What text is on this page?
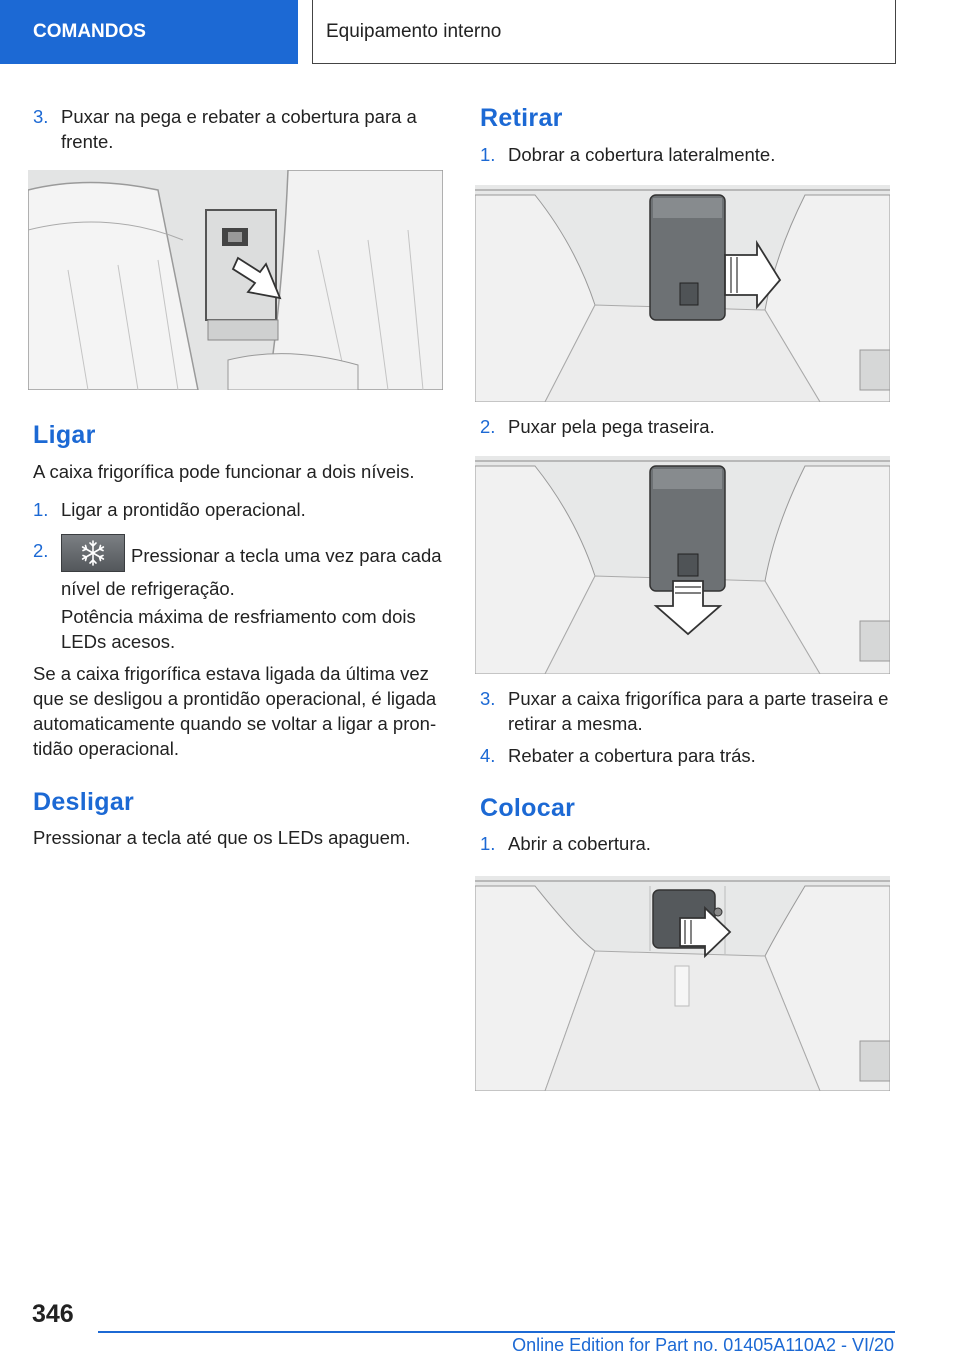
COMANDOS	Equipamento interno
3. Puxar na pega e rebater a cobertura para a frente.
Ligar

A caixa frigorífica pode funcionar a dois níveis.

1. Ligar a prontidão operacional.
2.	Pressionar a tecla uma vez para cada nível de refrigeração.

Potência máxima de resfriamento com dois LEDs acesos.

Se a caixa frigorífica estava ligada da última vez que se desligou a prontidão operacional, é ligada automaticamente quando se voltar a ligar a pron‐tidão operacional.

Desligar

Pressionar a tecla até que os LEDs apaguem.

Retirar
1. Dobrar a cobertura lateralmente.
2. Puxar pela pega traseira.
3. Puxar a caixa frigorífica para a parte traseira e retirar a mesma.
4. Rebater a cobertura para trás.
Colocar
1. Abrir a cobertura.
346
Online Edition for Part no. 01405A110A2 - VI/20
